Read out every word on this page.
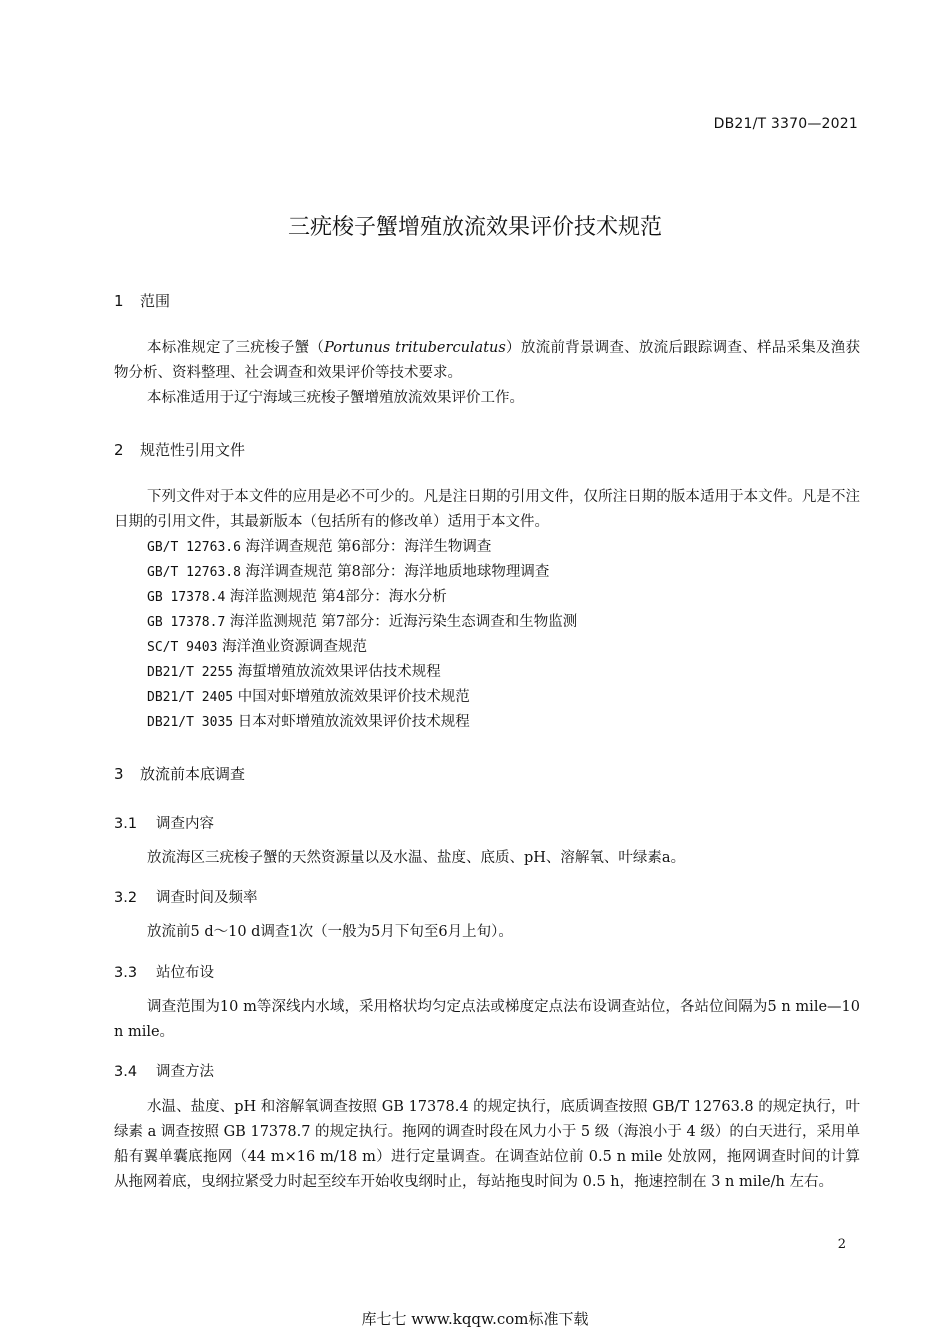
DB21/T 3370—2021
三疣梭子蟹增殖放流效果评价技术规范
1 范围

本标准规定了三疣梭子蟹（Portunus trituberculatus）放流前背景调查、放流后跟踪调查、样品采集及渔获物分析、资料整理、社会调查和效果评价等技术要求。

本标准适用于辽宁海域三疣梭子蟹增殖放流效果评价工作。

2 规范性引用文件

下列文件对于本文件的应用是必不可少的。凡是注日期的引用文件，仅所注日期的版本适用于本文件。凡是不注日期的引用文件，其最新版本（包括所有的修改单）适用于本文件。

GB/T 12763.6 海洋调查规范 第6部分：海洋生物调查
GB/T 12763.8 海洋调查规范 第8部分：海洋地质地球物理调查
GB 17378.4 海洋监测规范 第4部分：海水分析
GB 17378.7 海洋监测规范 第7部分：近海污染生态调查和生物监测
SC/T 9403 海洋渔业资源调查规范
DB21/T 2255 海蜇增殖放流效果评估技术规程
DB21/T 2405 中国对虾增殖放流效果评价技术规范
DB21/T 3035 日本对虾增殖放流效果评价技术规程
3 放流前本底调查
3.1 调查内容

放流海区三疣梭子蟹的天然资源量以及水温、盐度、底质、pH、溶解氧、叶绿素a。

3.2 调查时间及频率

放流前5 d～10 d调查1次（一般为5月下旬至6月上旬）。

3.3 站位布设

调查范围为10 m等深线内水域，采用格状均匀定点法或梯度定点法布设调查站位，各站位间隔为5 n mile—10 n mile。

3.4 调查方法

水温、盐度、pH 和溶解氧调查按照 GB 17378.4 的规定执行，底质调查按照 GB/T 12763.8 的规定执行，叶绿素 a 调查按照 GB 17378.7 的规定执行。拖网的调查时段在风力小于 5 级（海浪小于 4 级）的白天进行，采用单船有翼单囊底拖网（44 m×16 m/18 m）进行定量调查。在调查站位前 0.5 n mile 处放网，拖网调查时间的计算从拖网着底，曳纲拉紧受力时起至绞车开始收曳纲时止，每站拖曳时间为 0.5 h，拖速控制在 3 n mile/h 左右。

2
库七七 www.kqqw.com标准下载
